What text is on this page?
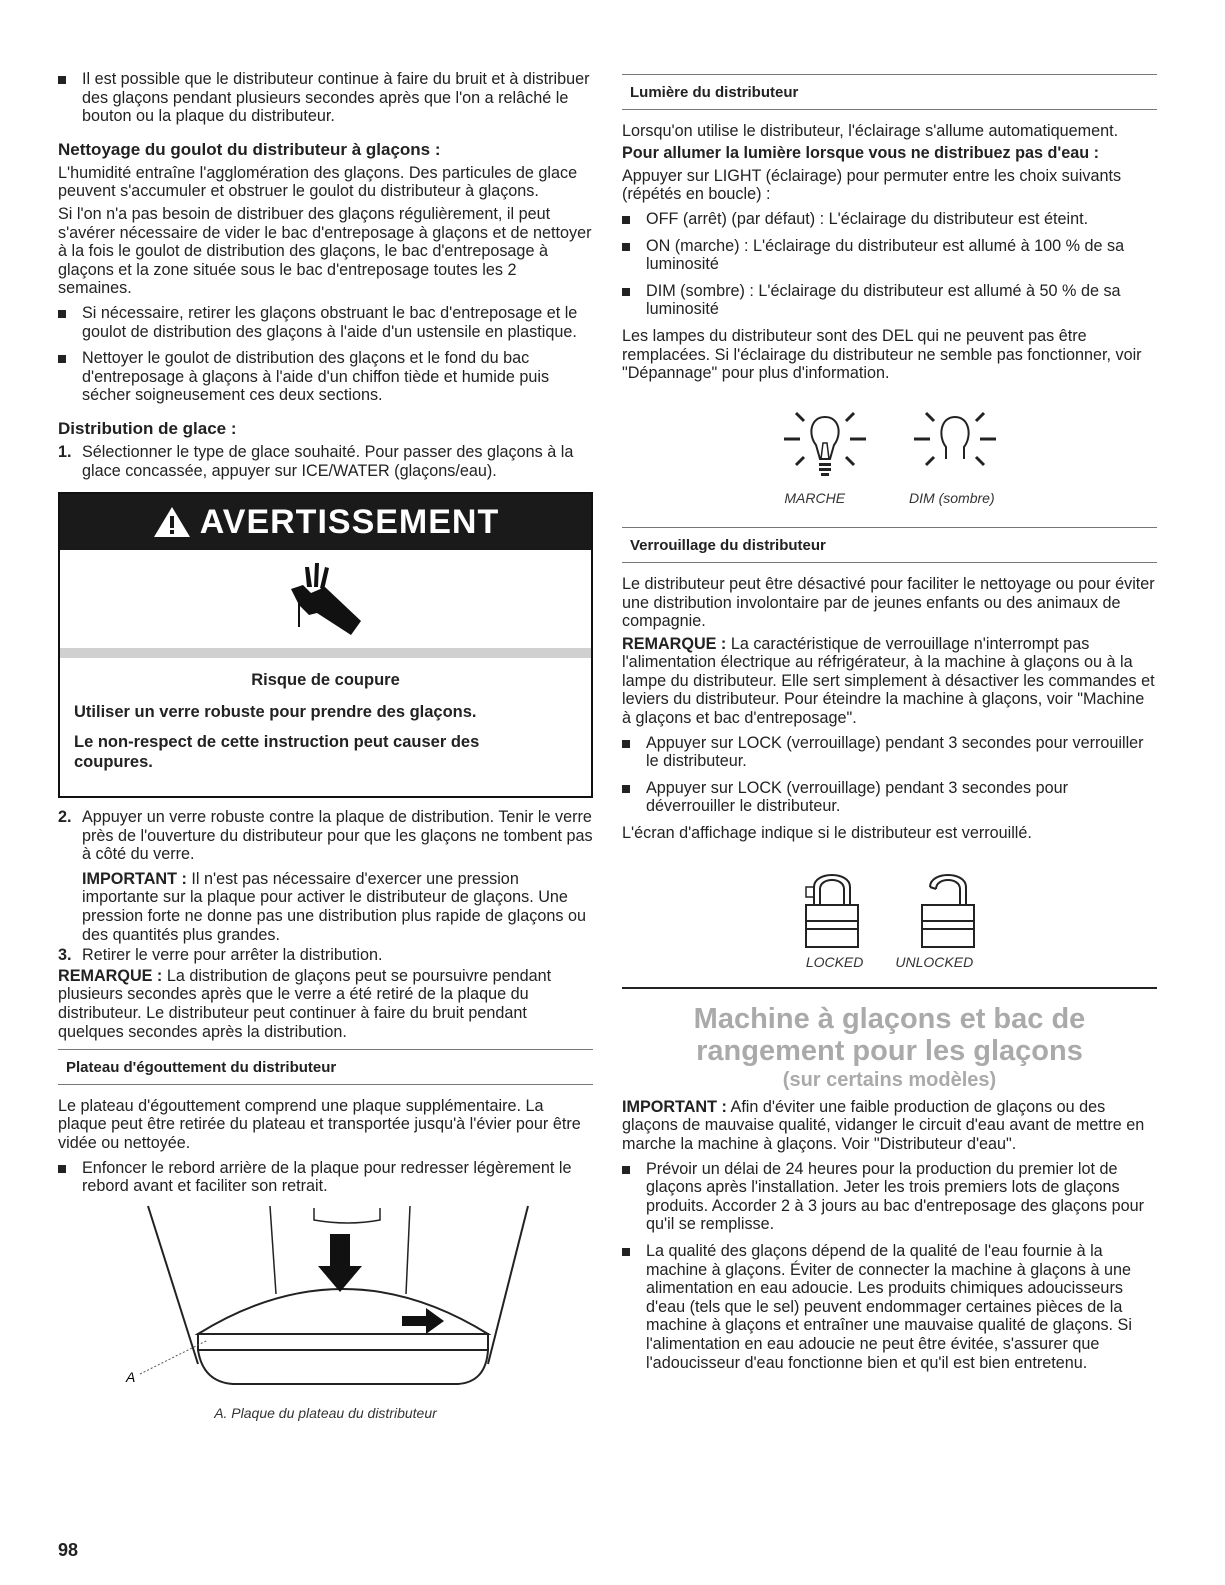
Il est possible que le distributeur continue à faire du bruit et à distribuer des glaçons pendant plusieurs secondes après que l'on a relâché le bouton ou la plaque du distributeur.
Nettoyage du goulot du distributeur à glaçons :

L'humidité entraîne l'agglomération des glaçons. Des particules de glace peuvent s'accumuler et obstruer le goulot du distributeur à glaçons.

Si l'on n'a pas besoin de distribuer des glaçons régulièrement, il peut s'avérer nécessaire de vider le bac d'entreposage à glaçons et de nettoyer à la fois le goulot de distribution des glaçons, le bac d'entreposage à glaçons et la zone située sous le bac d'entreposage toutes les 2 semaines.

Si nécessaire, retirer les glaçons obstruant le bac d'entreposage et le goulot de distribution des glaçons à l'aide d'un ustensile en plastique.
Nettoyer le goulot de distribution des glaçons et le fond du bac d'entreposage à glaçons à l'aide d'un chiffon tiède et humide puis sécher soigneusement ces deux sections.
Distribution de glace :
1. Sélectionner le type de glace souhaité. Pour passer des glaçons à la glace concassée, appuyer sur ICE/WATER (glaçons/eau).
AVERTISSEMENT

Risque de coupure

Utiliser un verre robuste pour prendre des glaçons.

Le non-respect de cette instruction peut causer des coupures.

2. Appuyer un verre robuste contre la plaque de distribution. Tenir le verre près de l'ouverture du distributeur pour que les glaçons ne tombent pas à côté du verre.

IMPORTANT : Il n'est pas nécessaire d'exercer une pression importante sur la plaque pour activer le distributeur de glaçons. Une pression forte ne donne pas une distribution plus rapide de glaçons ou des quantités plus grandes.

3. Retirer le verre pour arrêter la distribution.

REMARQUE : La distribution de glaçons peut se poursuivre pendant plusieurs secondes après que le verre a été retiré de la plaque du distributeur. Le distributeur peut continuer à faire du bruit pendant quelques secondes après la distribution.

Plateau d'égouttement du distributeur

Le plateau d'égouttement comprend une plaque supplémentaire. La plaque peut être retirée du plateau et transportée jusqu'à l'évier pour être vidée ou nettoyée.

Enfoncer le rebord arrière de la plaque pour redresser légèrement le rebord avant et faciliter son retrait.
A

A. Plaque du plateau du distributeur

Lumière du distributeur

Lorsqu'on utilise le distributeur, l'éclairage s'allume automatiquement.

Pour allumer la lumière lorsque vous ne distribuez pas d'eau :

Appuyer sur LIGHT (éclairage) pour permuter entre les choix suivants (répétés en boucle) :

OFF (arrêt) (par défaut) : L'éclairage du distributeur est éteint.
ON (marche) : L'éclairage du distributeur est allumé à 100 % de sa luminosité
DIM (sombre) : L'éclairage du distributeur est allumé à 50 % de sa luminosité

Les lampes du distributeur sont des DEL qui ne peuvent pas être remplacées. Si l'éclairage du distributeur ne semble pas fonctionner, voir "Dépannage" pour plus d'information.

MARCHE	DIM (sombre)
Verrouillage du distributeur

Le distributeur peut être désactivé pour faciliter le nettoyage ou pour éviter une distribution involontaire par de jeunes enfants ou des animaux de compagnie.

REMARQUE : La caractéristique de verrouillage n'interrompt pas l'alimentation électrique au réfrigérateur, à la machine à glaçons ou à la lampe du distributeur. Elle sert simplement à désactiver les commandes et leviers du distributeur. Pour éteindre la machine à glaçons, voir "Machine à glaçons et bac d'entreposage".

Appuyer sur LOCK (verrouillage) pendant 3 secondes pour verrouiller le distributeur.
Appuyer sur LOCK (verrouillage) pendant 3 secondes pour déverrouiller le distributeur.

L'écran d'affichage indique si le distributeur est verrouillé.

LOCKED UNLOCKED
Machine à glaçons et bac de
rangement pour les glaçons
(sur certains modèles)

IMPORTANT : Afin d'éviter une faible production de glaçons ou des glaçons de mauvaise qualité, vidanger le circuit d'eau avant de mettre en marche la machine à glaçons. Voir "Distributeur d'eau".

Prévoir un délai de 24 heures pour la production du premier lot de glaçons après l'installation. Jeter les trois premiers lots de glaçons produits. Accorder 2 à 3 jours au bac d'entreposage des glaçons pour qu'il se remplisse.
La qualité des glaçons dépend de la qualité de l'eau fournie à la machine à glaçons. Éviter de connecter la machine à glaçons à une alimentation en eau adoucie. Les produits chimiques adoucisseurs d'eau (tels que le sel) peuvent endommager certaines pièces de la machine à glaçons et entraîner une mauvaise qualité de glaçons. Si l'alimentation en eau adoucie ne peut être évitée, s'assurer que l'adoucisseur d'eau fonctionne bien et qu'il est bien entretenu.
98
